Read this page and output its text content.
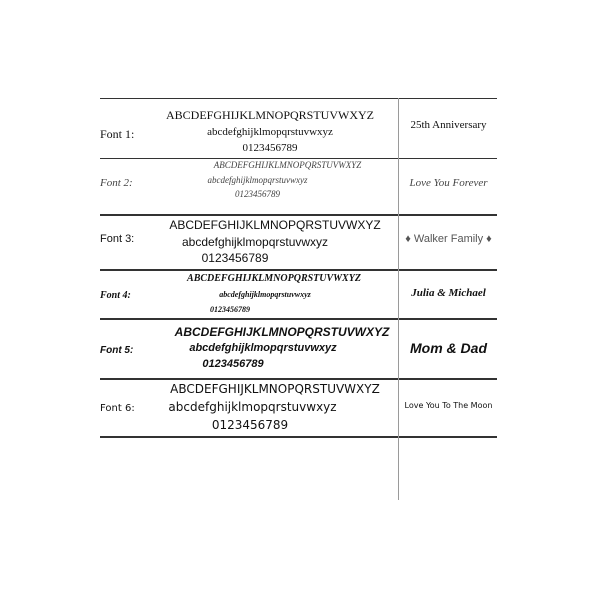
Font 1:
ABCDEFGHIJKLMNOPQRSTUVWXYZ
abcdefghijklmopqrstuvwxyz
0123456789
25th Anniversary
Font 2:
ABCDEFGHIJKLMNOPQRSTUVWXYZ
abcdefghijklmopqrstuvwxyz
0123456789
Love You Forever
Font 3:
ABCDEFGHIJKLMNOPQRSTUVWXYZ
abcdefghijklmopqrstuvwxyz
0123456789
♦ Walker Family ♦
Font 4:
ABCDEFGHIJKLMNOPQRSTUVWXYZ
abcdefghijklmopqrstuvwxyz
0123456789
Julia & Michael
Font 5:
ABCDEFGHIJKLMNOPQRSTUVWXYZ
abcdefghijklmopqrstuvwxyz
0123456789
Mom & Dad
Font 6:
ABCDEFGHIJKLMNOPQRSTUVWXYZ
abcdefghijklmopqrstuvwxyz
0123456789
Love You To The Moon
